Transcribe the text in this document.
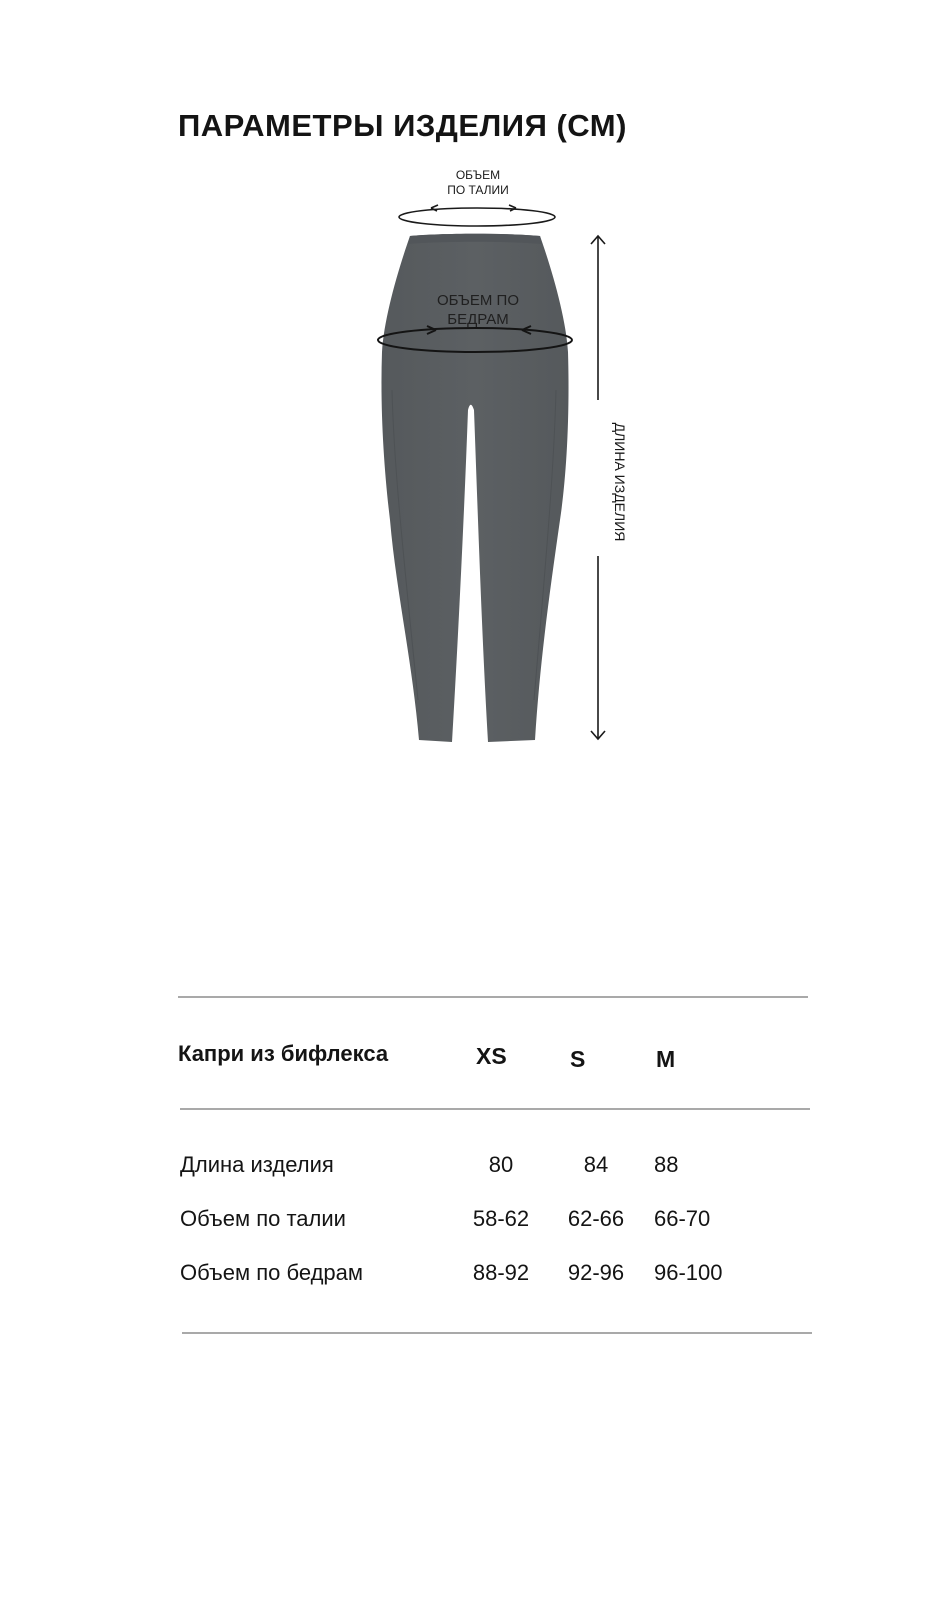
ПАРАМЕТРЫ ИЗДЕЛИЯ (СМ)
ОБЪЕМ
ПО ТАЛИИ
ОБЪЕМ ПО
БЕДРАМ
ДЛИНА ИЗДЕЛИЯ
Капри из бифлекса	XS	S	M
Длина изделия	80	84	88
Объем по талии	58-62	62-66	66-70
Объем по бедрам	88-92	92-96	96-100
